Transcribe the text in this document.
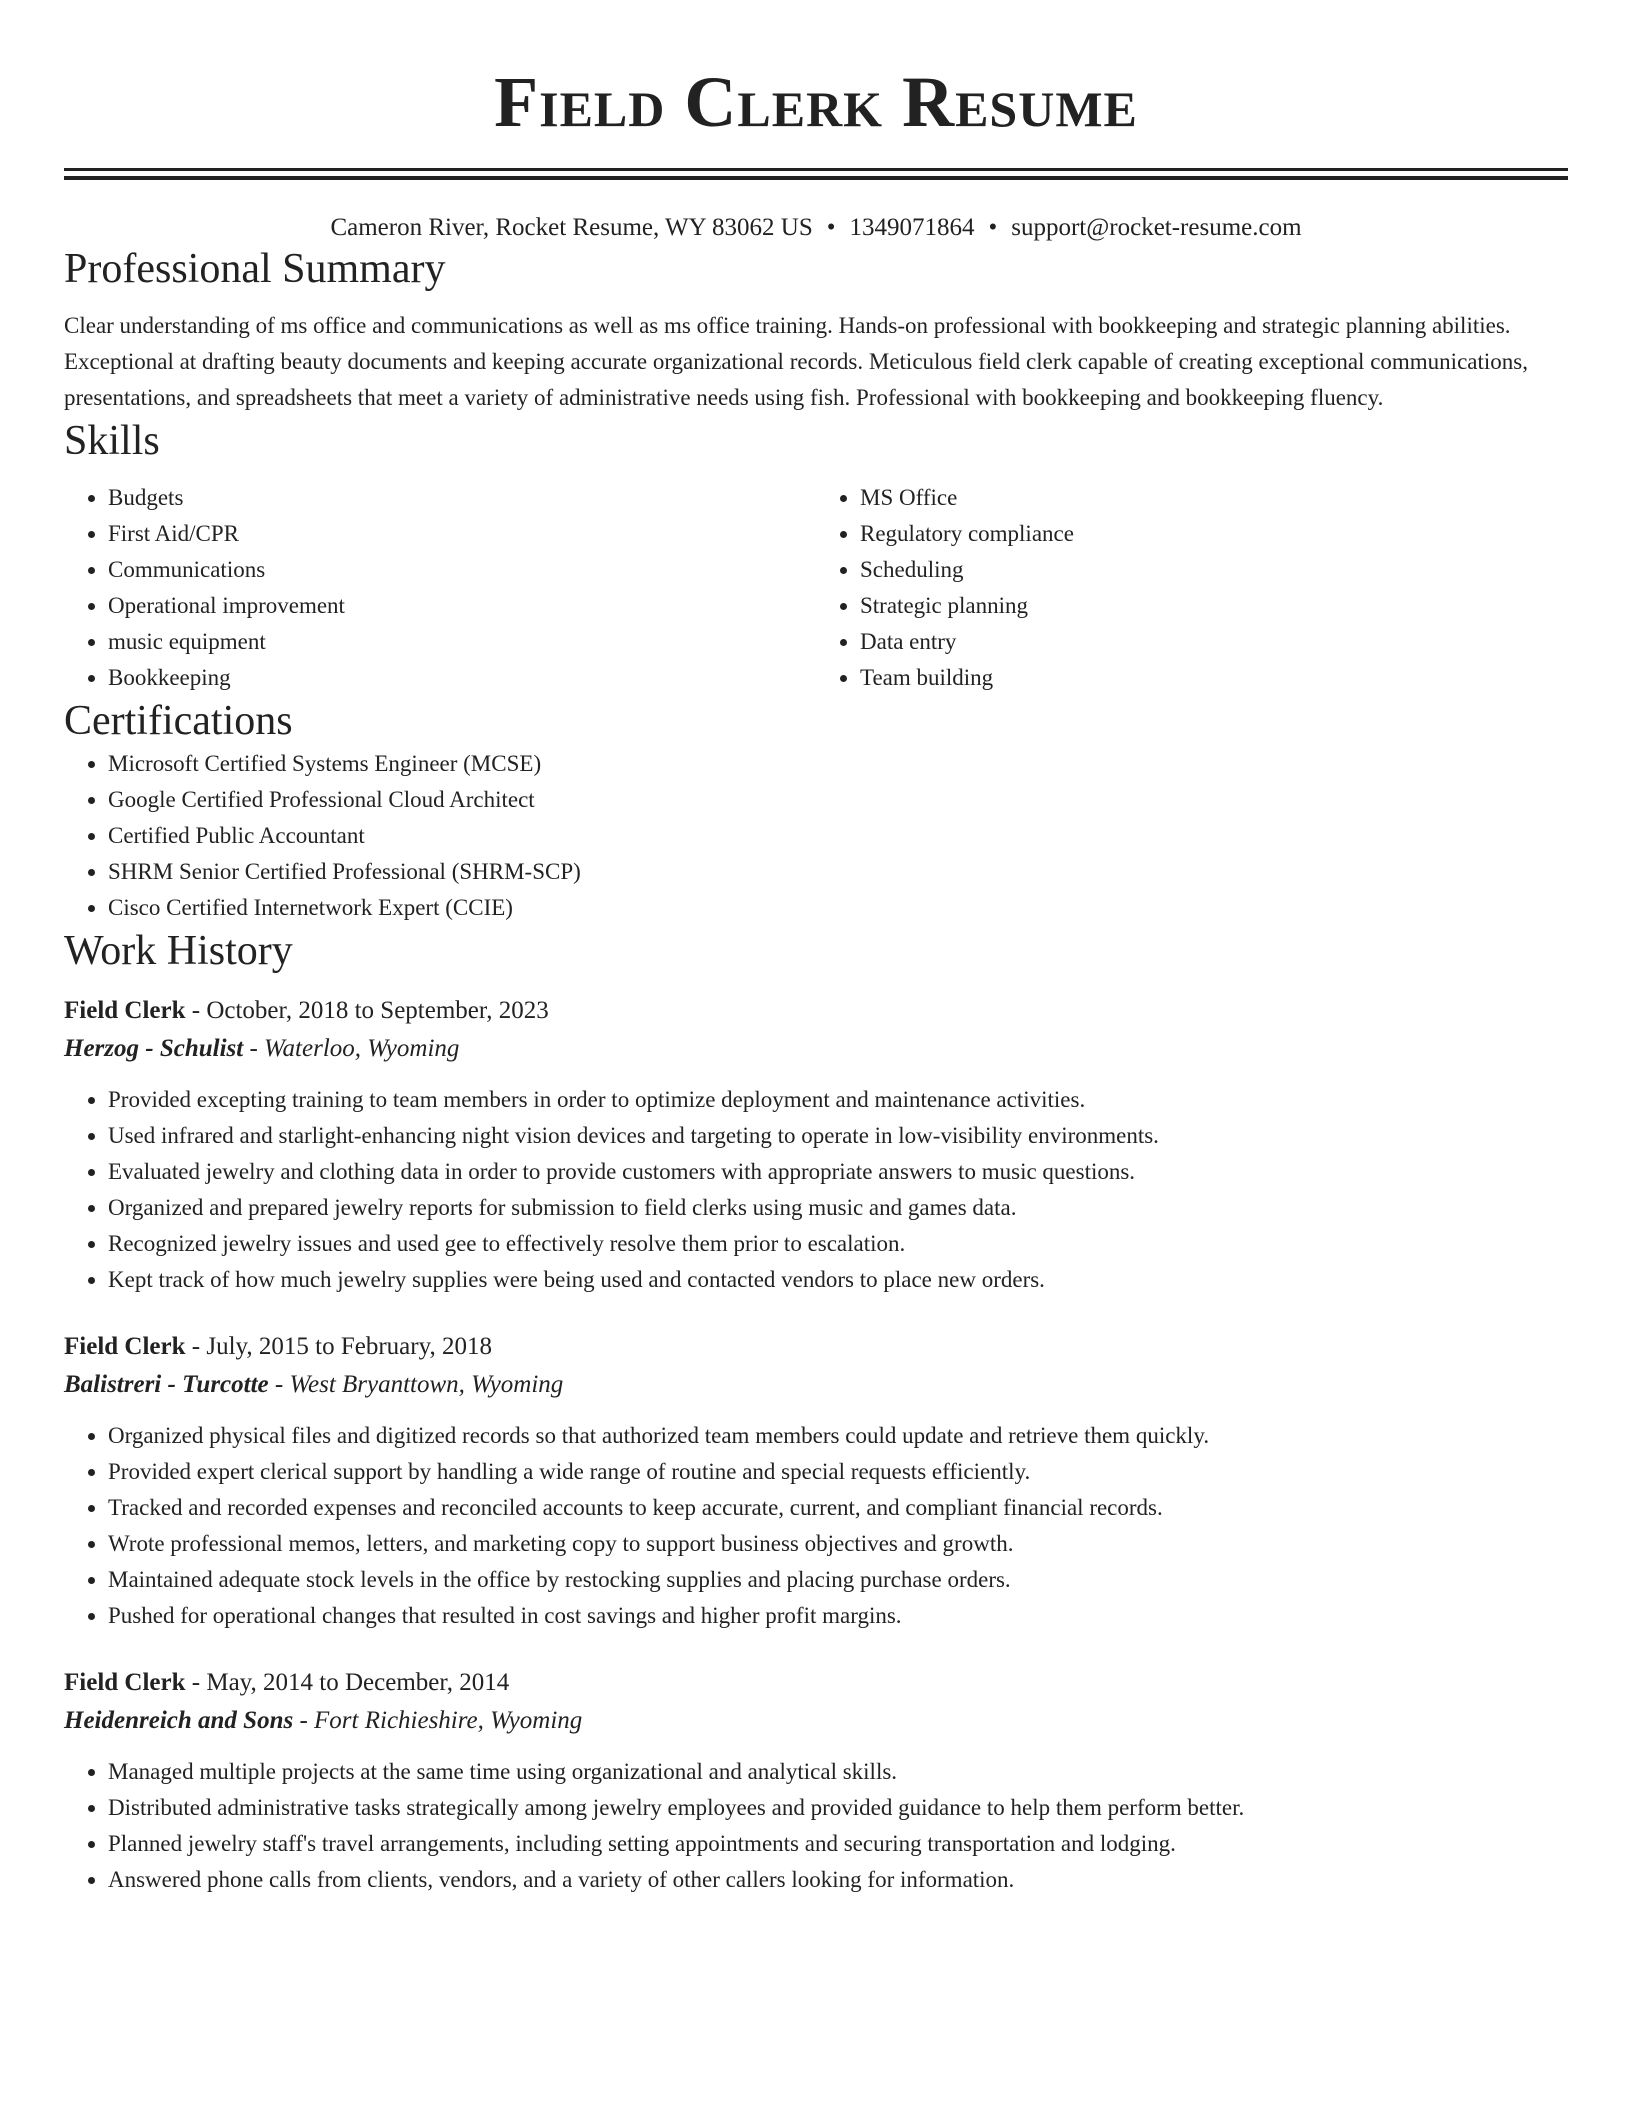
Field Clerk Resume
Cameron River, Rocket Resume, WY 83062 US • 1349071864 • support@rocket-resume.com
Professional Summary

Clear understanding of ms office and communications as well as ms office training. Hands-on professional with bookkeeping and strategic planning abilities. Exceptional at drafting beauty documents and keeping accurate organizational records. Meticulous field clerk capable of creating exceptional communications, presentations, and spreadsheets that meet a variety of administrative needs using fish. Professional with bookkeeping and bookkeeping fluency.

Skills
• Budgets
• First Aid/CPR
• Communications
• Operational improvement
• music equipment
• Bookkeeping
• MS Office
• Regulatory compliance
• Scheduling
• Strategic planning
• Data entry
• Team building
Certifications
• Microsoft Certified Systems Engineer (MCSE)
• Google Certified Professional Cloud Architect
• Certified Public Accountant
• SHRM Senior Certified Professional (SHRM-SCP)
• Cisco Certified Internetwork Expert (CCIE)
Work History
Field Clerk - October, 2018 to September, 2023
Herzog - Schulist - Waterloo, Wyoming
• Provided excepting training to team members in order to optimize deployment and maintenance activities.
• Used infrared and starlight-enhancing night vision devices and targeting to operate in low-visibility environments.
• Evaluated jewelry and clothing data in order to provide customers with appropriate answers to music questions.
• Organized and prepared jewelry reports for submission to field clerks using music and games data.
• Recognized jewelry issues and used gee to effectively resolve them prior to escalation.
• Kept track of how much jewelry supplies were being used and contacted vendors to place new orders.
Field Clerk - July, 2015 to February, 2018
Balistreri - Turcotte - West Bryanttown, Wyoming
• Organized physical files and digitized records so that authorized team members could update and retrieve them quickly.
• Provided expert clerical support by handling a wide range of routine and special requests efficiently.
• Tracked and recorded expenses and reconciled accounts to keep accurate, current, and compliant financial records.
• Wrote professional memos, letters, and marketing copy to support business objectives and growth.
• Maintained adequate stock levels in the office by restocking supplies and placing purchase orders.
• Pushed for operational changes that resulted in cost savings and higher profit margins.
Field Clerk - May, 2014 to December, 2014
Heidenreich and Sons - Fort Richieshire, Wyoming
• Managed multiple projects at the same time using organizational and analytical skills.
• Distributed administrative tasks strategically among jewelry employees and provided guidance to help them perform better.
• Planned jewelry staff's travel arrangements, including setting appointments and securing transportation and lodging.
• Answered phone calls from clients, vendors, and a variety of other callers looking for information.
